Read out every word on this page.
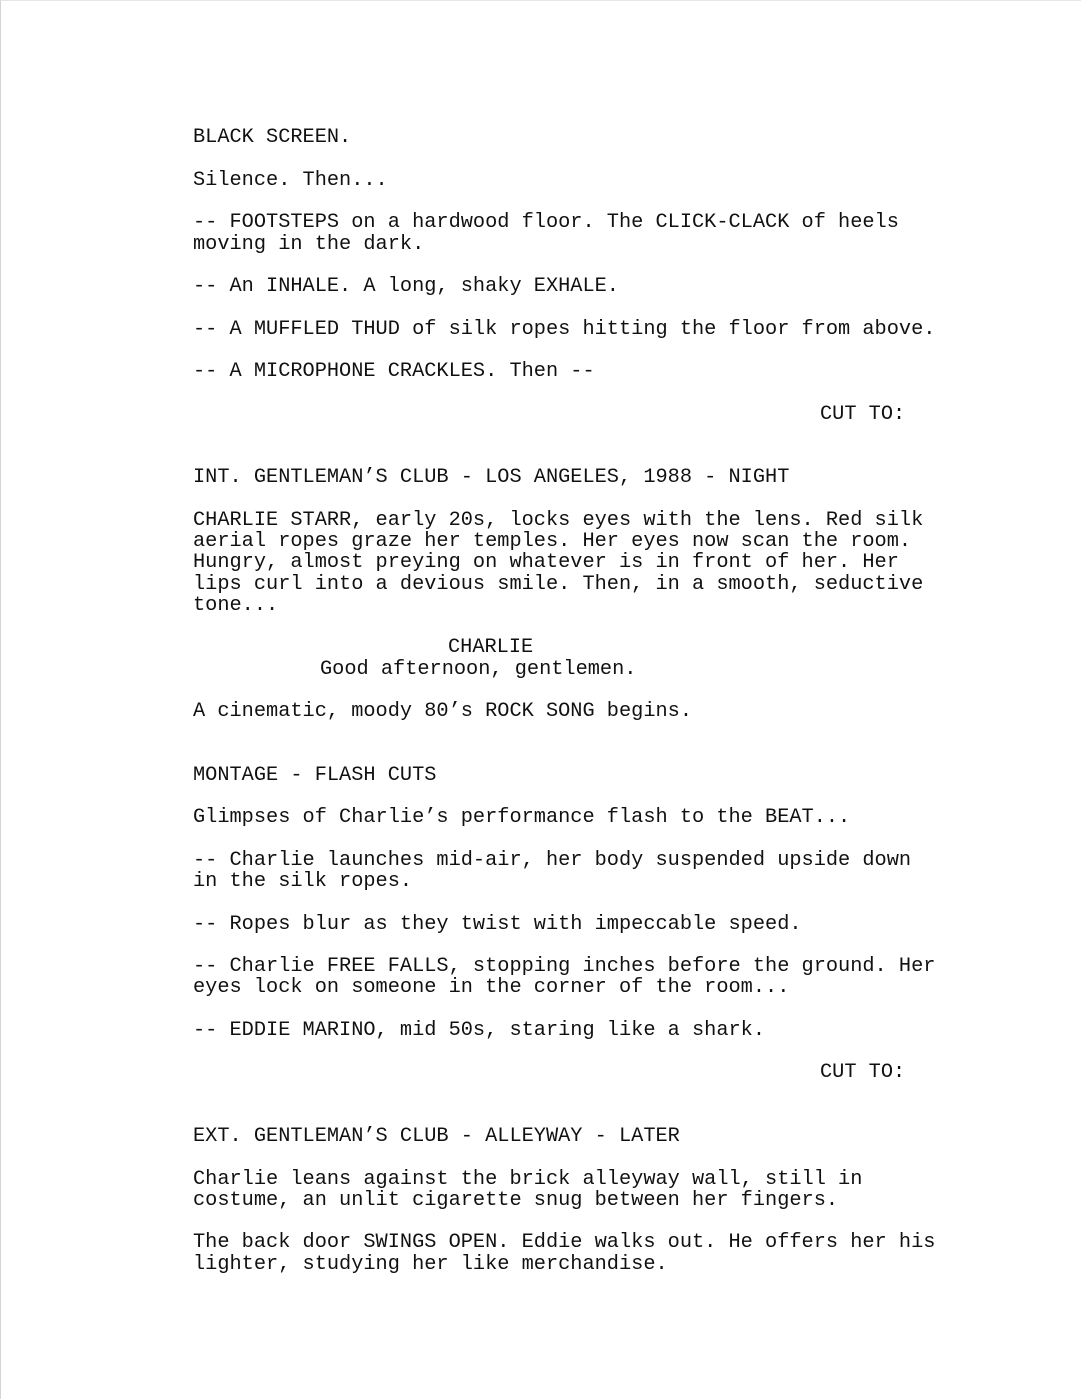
BLACK SCREEN.

Silence. Then...

-- FOOTSTEPS on a hardwood floor. The CLICK-CLACK of heels

moving in the dark.

-- An INHALE. A long, shaky EXHALE.

-- A MUFFLED THUD of silk ropes hitting the floor from above.

-- A MICROPHONE CRACKLES. Then --

CUT TO:

INT. GENTLEMAN’S CLUB - LOS ANGELES, 1988 - NIGHT

CHARLIE STARR, early 20s, locks eyes with the lens. Red silk

aerial ropes graze her temples. Her eyes now scan the room.

Hungry, almost preying on whatever is in front of her. Her

lips curl into a devious smile. Then, in a smooth, seductive

tone...

CHARLIE

Good afternoon, gentlemen.

A cinematic, moody 80’s ROCK SONG begins.

MONTAGE - FLASH CUTS

Glimpses of Charlie’s performance flash to the BEAT...

-- Charlie launches mid-air, her body suspended upside down

in the silk ropes.

-- Ropes blur as they twist with impeccable speed.

-- Charlie FREE FALLS, stopping inches before the ground. Her

eyes lock on someone in the corner of the room...

-- EDDIE MARINO, mid 50s, staring like a shark.

CUT TO:

EXT. GENTLEMAN’S CLUB - ALLEYWAY - LATER

Charlie leans against the brick alleyway wall, still in

costume, an unlit cigarette snug between her fingers.

The back door SWINGS OPEN. Eddie walks out. He offers her his

lighter, studying her like merchandise.
